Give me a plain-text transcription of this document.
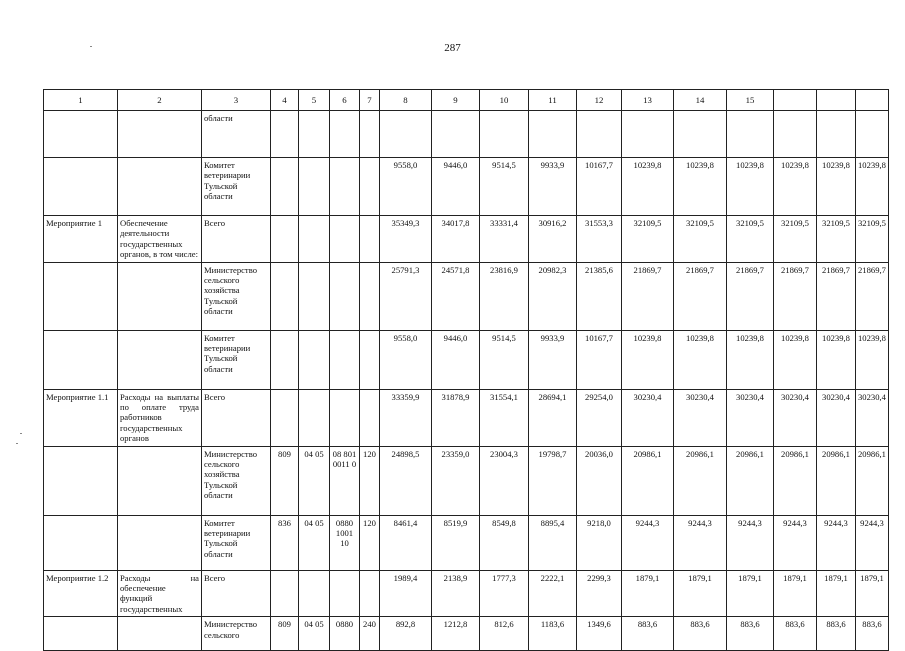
287
1	2	3	4	5	6	7	8	9	10	11	12	13	14	15			
		области															
		Комитет ветеринарии Тульской области					9558,0	9446,0	9514,5	9933,9	10167,7	10239,8	10239,8	10239,8	10239,8	10239,8	10239,8
Мероприятие 1	Обеспечение деятельности государственных органов, в том числе:	Всего					35349,3	34017,8	33331,4	30916,2	31553,3	32109,5	32109,5	32109,5	32109,5	32109,5	32109,5
		Министерство сельского хозяйства Тульской области					25791,3	24571,8	23816,9	20982,3	21385,6	21869,7	21869,7	21869,7	21869,7	21869,7	21869,7
		Комитет ветеринарии Тульской области					9558,0	9446,0	9514,5	9933,9	10167,7	10239,8	10239,8	10239,8	10239,8	10239,8	10239,8
Мероприятие 1.1	Расходы на выплаты по оплате труда работников государственных органов	Всего					33359,9	31878,9	31554,1	28694,1	29254,0	30230,4	30230,4	30230,4	30230,4	30230,4	30230,4
		Министерство сельского хозяйства Тульской области	809	04 05	08 801 0011 0	120	24898,5	23359,0	23004,3	19798,7	20036,0	20986,1	20986,1	20986,1	20986,1	20986,1	20986,1
		Комитет ветеринарии Тульской области	836	04 05	0880 1001 10	120	8461,4	8519,9	8549,8	8895,4	9218,0	9244,3	9244,3	9244,3	9244,3	9244,3	9244,3
Мероприятие 1.2	Расходы на обеспечение функций государственных	Всего					1989,4	2138,9	1777,3	2222,1	2299,3	1879,1	1879,1	1879,1	1879,1	1879,1	1879,1
		Министерство сельского	809	04 05	0880	240	892,8	1212,8	812,6	1183,6	1349,6	883,6	883,6	883,6	883,6	883,6	883,6
